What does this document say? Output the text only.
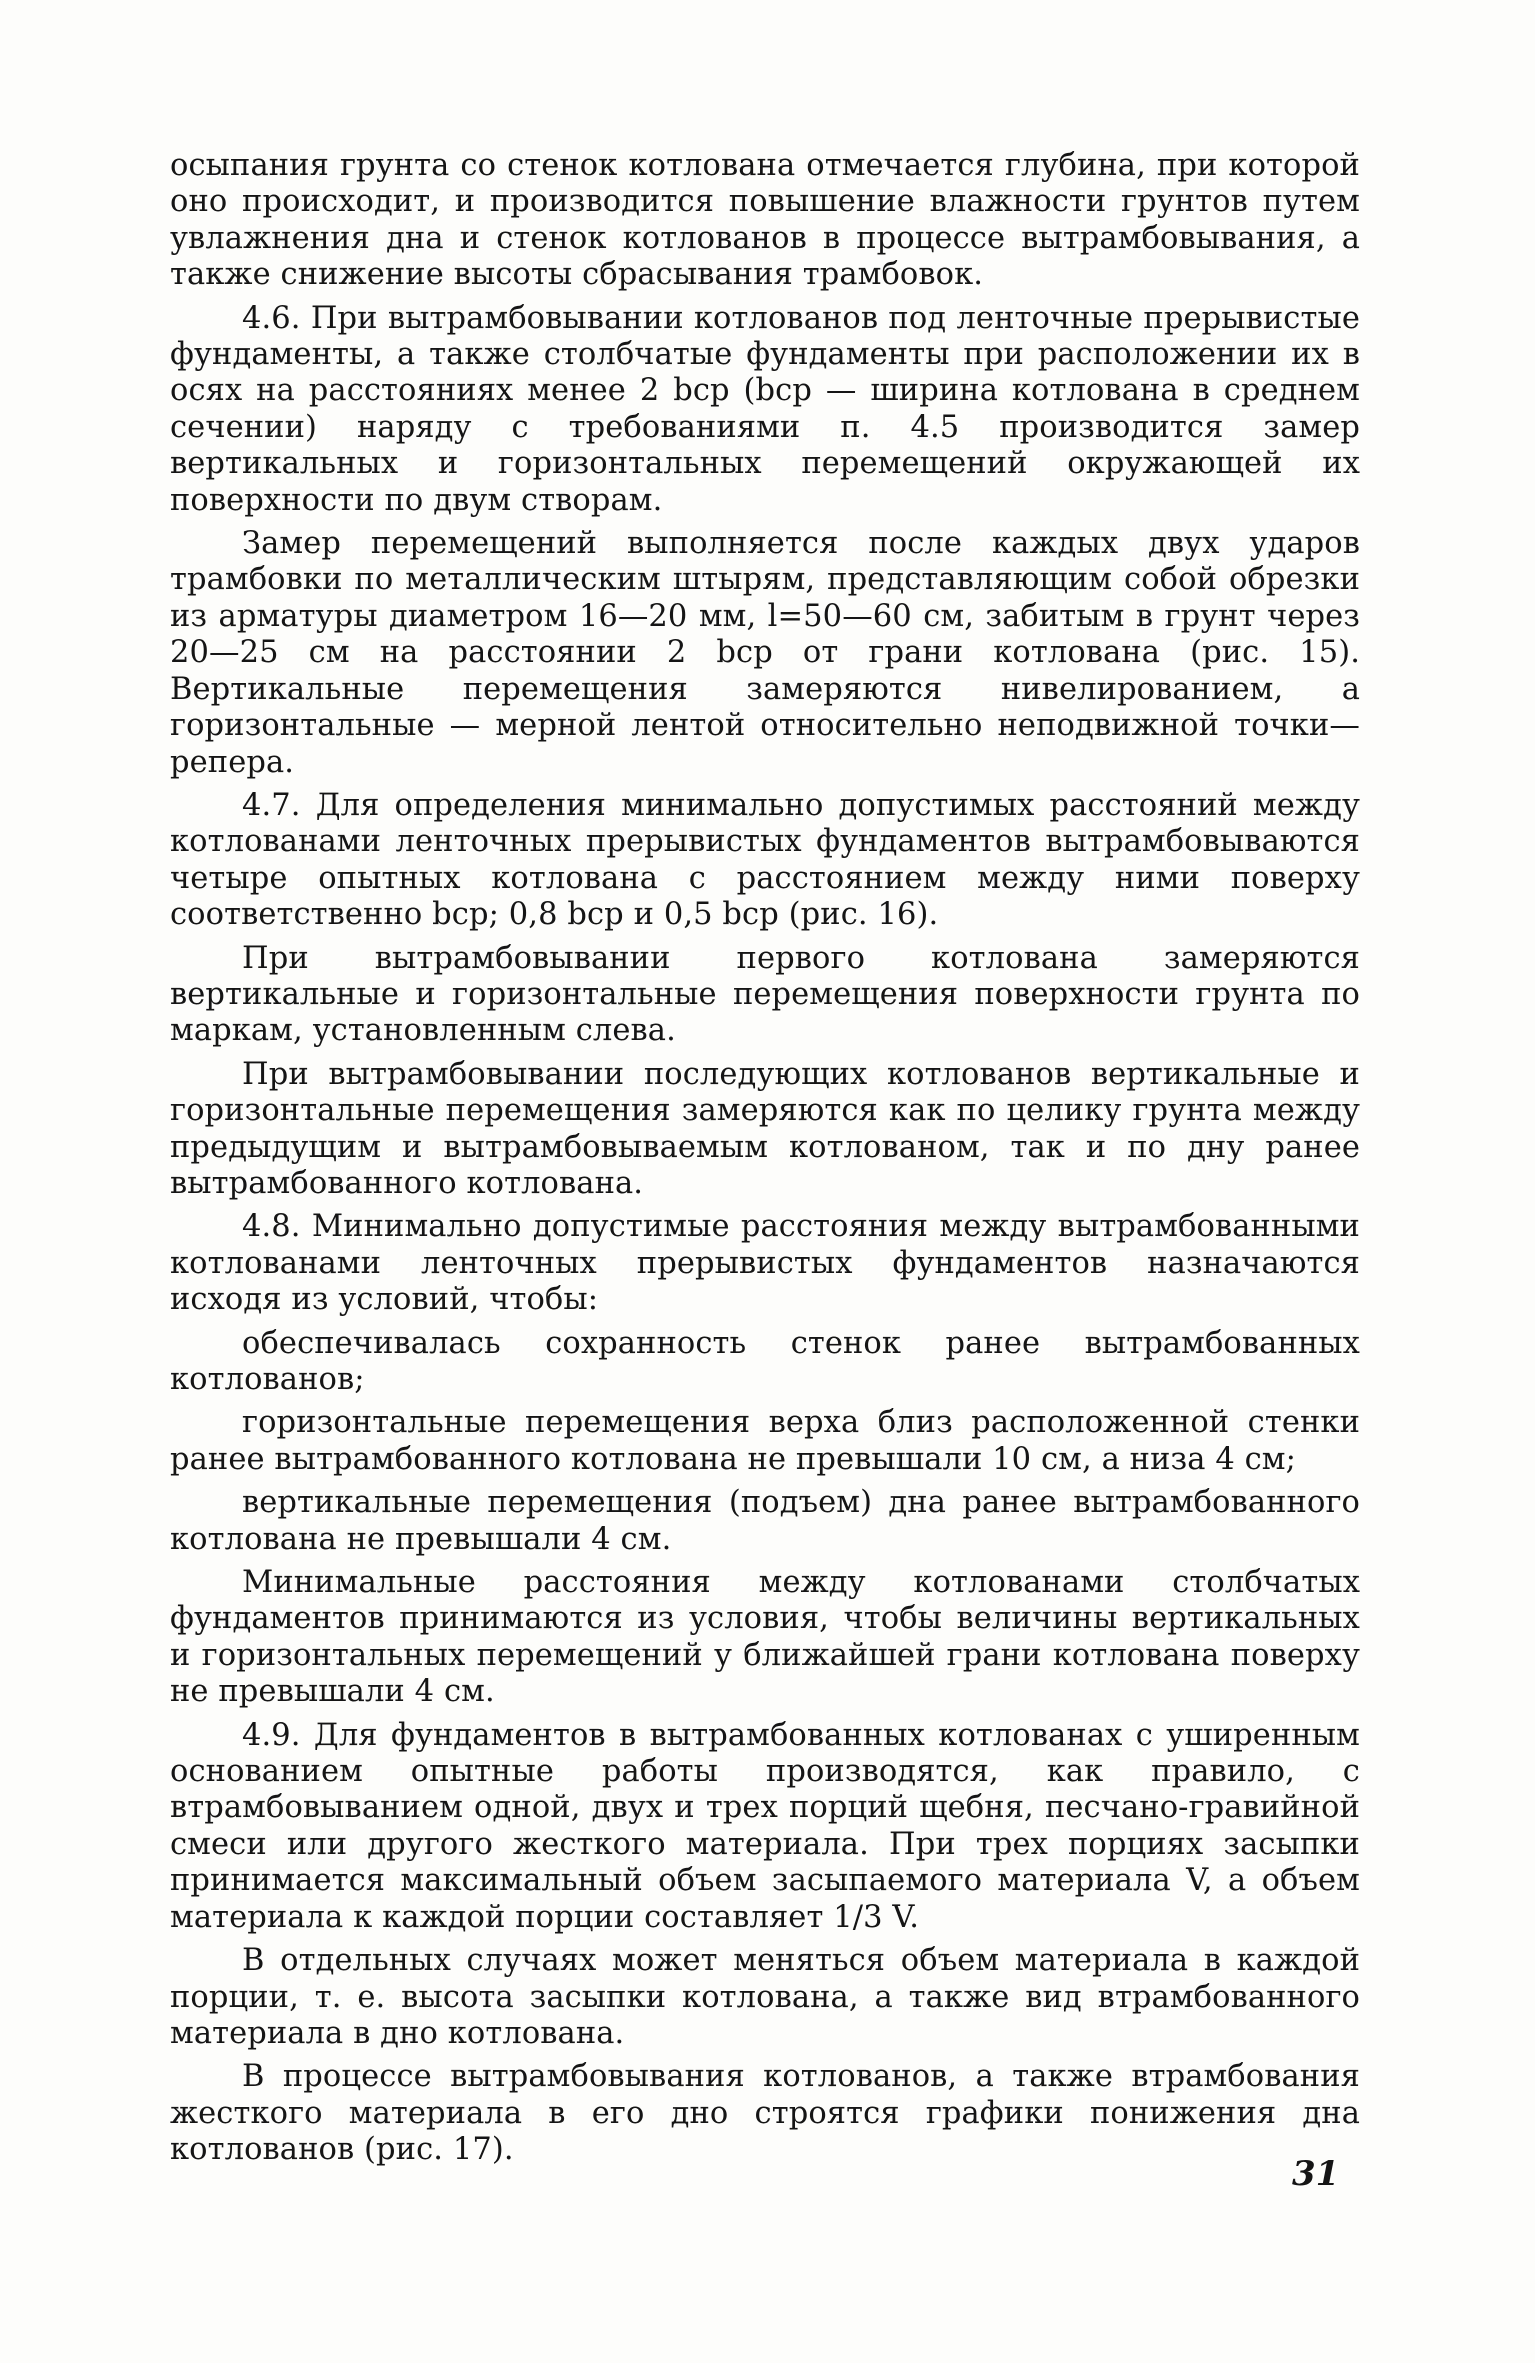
осыпания грунта со стенок котлована отмечается глубина, при которой оно происходит, и производится повышение влажности грунтов путем увлажнения дна и стенок котлованов в процессе вытрамбовывания, а также снижение высоты сбрасывания трамбовок.

4.6. При вытрамбовывании котлованов под ленточные прерывистые фундаменты, а также столбчатые фундаменты при расположении их в осях на расстояниях менее 2 bср (bср — ширина котлована в среднем сечении) наряду с требованиями п. 4.5 производится замер вертикальных и горизонтальных перемещений окружающей их поверхности по двум створам.

Замер перемещений выполняется после каждых двух ударов трамбовки по металлическим штырям, представляющим собой обрезки из арматуры диаметром 16—20 мм, l=50—60 см, забитым в грунт через 20—25 см на расстоянии 2 bср от грани котлована (рис. 15). Вертикальные перемещения замеряются нивелированием, а горизонтальные — мерной лентой относительно неподвижной точки—репера.

4.7. Для определения минимально допустимых расстояний между котлованами ленточных прерывистых фундаментов вытрамбовываются четыре опытных котлована с расстоянием между ними поверху соответственно bср; 0,8 bср и 0,5 bср (рис. 16).

При вытрамбовывании первого котлована замеряются вертикальные и горизонтальные перемещения поверхности грунта по маркам, установленным слева.

При вытрамбовывании последующих котлованов вертикальные и горизонтальные перемещения замеряются как по целику грунта между предыдущим и вытрамбовываемым котлованом, так и по дну ранее вытрамбованного котлована.

4.8. Минимально допустимые расстояния между вытрамбованными котлованами ленточных прерывистых фундаментов назначаются исходя из условий, чтобы:

обеспечивалась сохранность стенок ранее вытрамбованных котлованов;

горизонтальные перемещения верха близ расположенной стенки ранее вытрамбованного котлована не превышали 10 см, а низа 4 см;

вертикальные перемещения (подъем) дна ранее вытрамбованного котлована не превышали 4 см.

Минимальные расстояния между котлованами столбчатых фундаментов принимаются из условия, чтобы величины вертикальных и горизонтальных перемещений у ближайшей грани котлована поверху не превышали 4 см.

4.9. Для фундаментов в вытрамбованных котлованах с уширенным основанием опытные работы производятся, как правило, с втрамбовыванием одной, двух и трех порций щебня, песчано-гравийной смеси или другого жесткого материала. При трех порциях засыпки принимается максимальный объем засыпаемого материала V, а объем материала к каждой порции составляет 1/3 V.

В отдельных случаях может меняться объем материала в каждой порции, т. е. высота засыпки котлована, а также вид втрамбованного материала в дно котлована.

В процессе вытрамбовывания котлованов, а также втрамбования жесткого материала в его дно строятся графики понижения дна котлованов (рис. 17).

31
